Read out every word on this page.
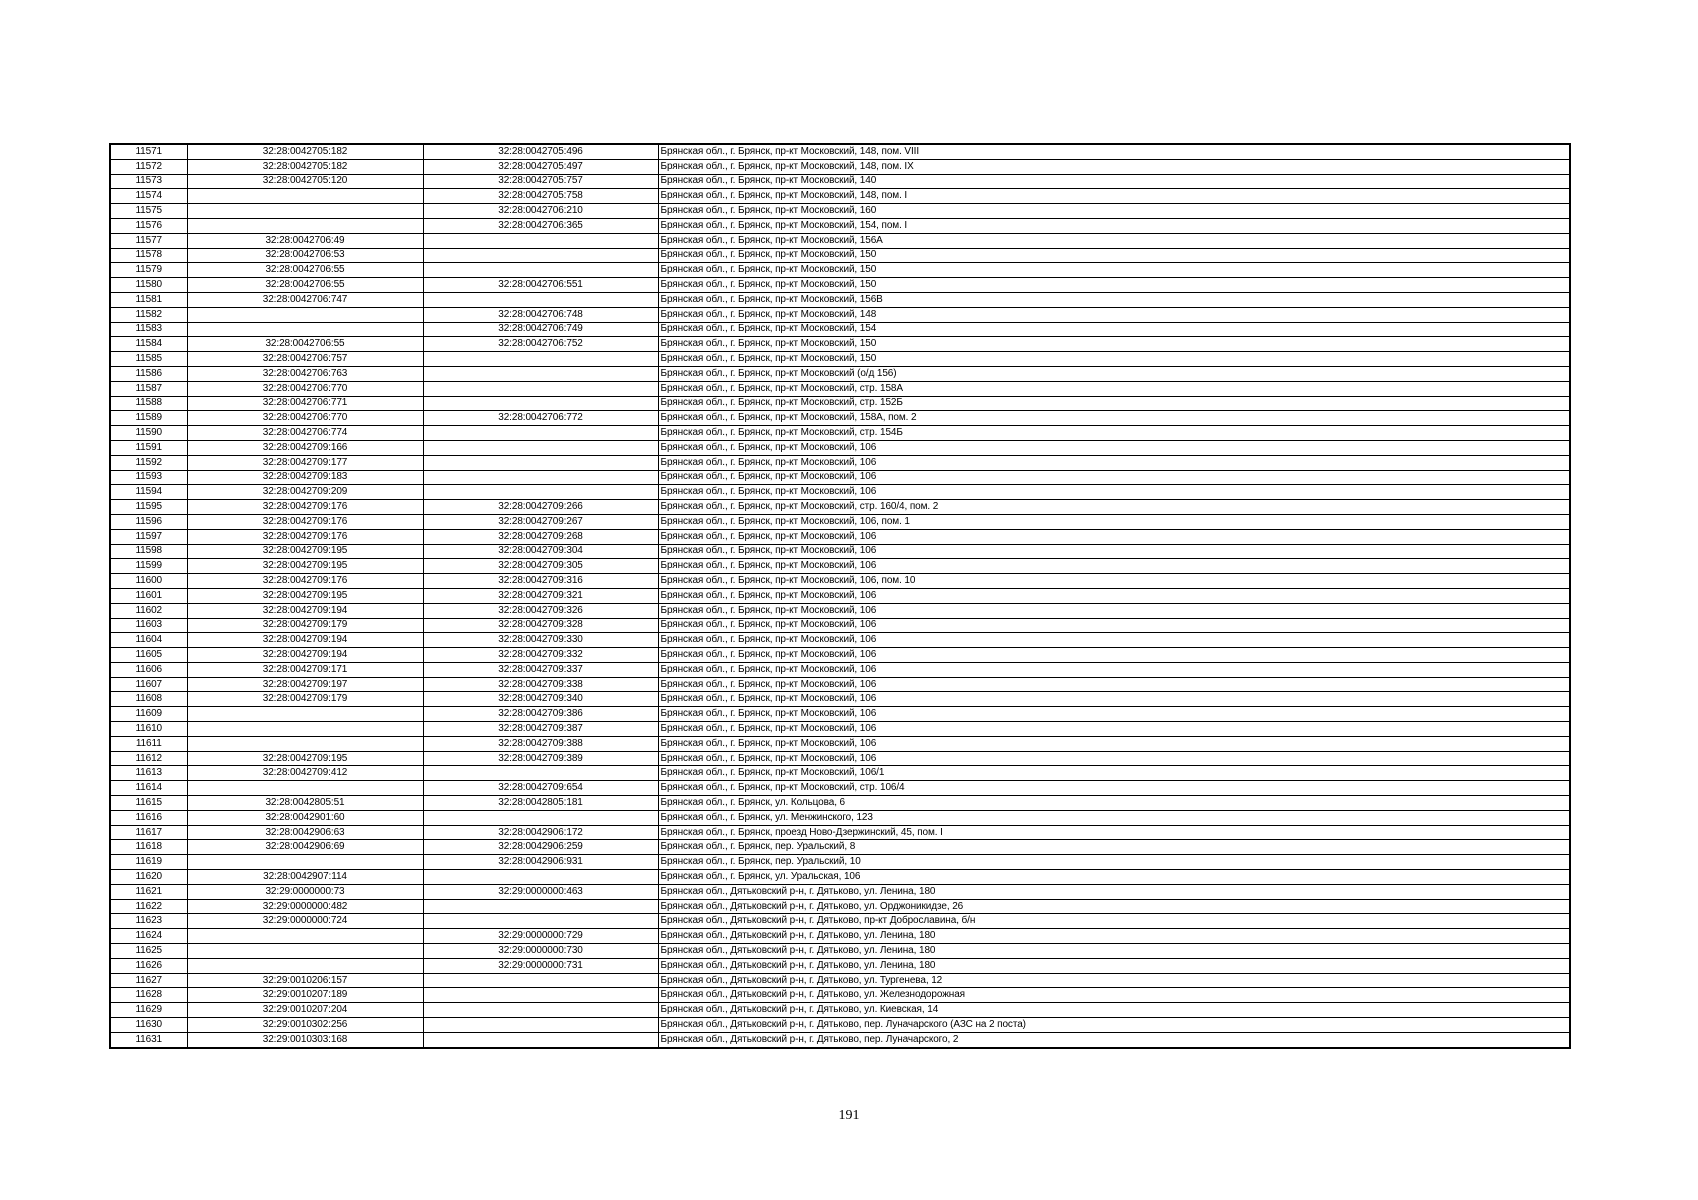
11571	32:28:0042705:182	32:28:0042705:496	Брянская обл., г. Брянск, пр-кт Московский, 148, пом. VIII
11572	32:28:0042705:182	32:28:0042705:497	Брянская обл., г. Брянск, пр-кт Московский, 148, пом. IX
11573	32:28:0042705:120	32:28:0042705:757	Брянская обл., г. Брянск, пр-кт Московский, 140
11574		32:28:0042705:758	Брянская обл., г. Брянск, пр-кт Московский, 148, пом. I
11575		32:28:0042706:210	Брянская обл., г. Брянск, пр-кт Московский, 160
11576		32:28:0042706:365	Брянская обл., г. Брянск, пр-кт Московский, 154, пом. I
11577	32:28:0042706:49		Брянская обл., г. Брянск, пр-кт Московский, 156А
11578	32:28:0042706:53		Брянская обл., г. Брянск, пр-кт Московский, 150
11579	32:28:0042706:55		Брянская обл., г. Брянск, пр-кт Московский, 150
11580	32:28:0042706:55	32:28:0042706:551	Брянская обл., г. Брянск, пр-кт Московский, 150
11581	32:28:0042706:747		Брянская обл., г. Брянск, пр-кт Московский, 156В
11582		32:28:0042706:748	Брянская обл., г. Брянск, пр-кт Московский, 148
11583		32:28:0042706:749	Брянская обл., г. Брянск, пр-кт Московский, 154
11584	32:28:0042706:55	32:28:0042706:752	Брянская обл., г. Брянск, пр-кт Московский, 150
11585	32:28:0042706:757		Брянская обл., г. Брянск, пр-кт Московский, 150
11586	32:28:0042706:763		Брянская обл., г. Брянск, пр-кт Московский (о/д 156)
11587	32:28:0042706:770		Брянская обл., г. Брянск, пр-кт Московский, стр. 158А
11588	32:28:0042706:771		Брянская обл., г. Брянск, пр-кт Московский, стр. 152Б
11589	32:28:0042706:770	32:28:0042706:772	Брянская обл., г. Брянск, пр-кт Московский, 158А, пом. 2
11590	32:28:0042706:774		Брянская обл., г. Брянск, пр-кт Московский, стр. 154Б
11591	32:28:0042709:166		Брянская обл., г. Брянск, пр-кт Московский, 106
11592	32:28:0042709:177		Брянская обл., г. Брянск, пр-кт Московский, 106
11593	32:28:0042709:183		Брянская обл., г. Брянск, пр-кт Московский, 106
11594	32:28:0042709:209		Брянская обл., г. Брянск, пр-кт Московский, 106
11595	32:28:0042709:176	32:28:0042709:266	Брянская обл., г. Брянск, пр-кт Московский, стр. 160/4, пом. 2
11596	32:28:0042709:176	32:28:0042709:267	Брянская обл., г. Брянск, пр-кт Московский, 106, пом. 1
11597	32:28:0042709:176	32:28:0042709:268	Брянская обл., г. Брянск, пр-кт Московский, 106
11598	32:28:0042709:195	32:28:0042709:304	Брянская обл., г. Брянск, пр-кт Московский, 106
11599	32:28:0042709:195	32:28:0042709:305	Брянская обл., г. Брянск, пр-кт Московский, 106
11600	32:28:0042709:176	32:28:0042709:316	Брянская обл., г. Брянск, пр-кт Московский, 106, пом. 10
11601	32:28:0042709:195	32:28:0042709:321	Брянская обл., г. Брянск, пр-кт Московский, 106
11602	32:28:0042709:194	32:28:0042709:326	Брянская обл., г. Брянск, пр-кт Московский, 106
11603	32:28:0042709:179	32:28:0042709:328	Брянская обл., г. Брянск, пр-кт Московский, 106
11604	32:28:0042709:194	32:28:0042709:330	Брянская обл., г. Брянск, пр-кт Московский, 106
11605	32:28:0042709:194	32:28:0042709:332	Брянская обл., г. Брянск, пр-кт Московский, 106
11606	32:28:0042709:171	32:28:0042709:337	Брянская обл., г. Брянск, пр-кт Московский, 106
11607	32:28:0042709:197	32:28:0042709:338	Брянская обл., г. Брянск, пр-кт Московский, 106
11608	32:28:0042709:179	32:28:0042709:340	Брянская обл., г. Брянск, пр-кт Московский, 106
11609		32:28:0042709:386	Брянская обл., г. Брянск, пр-кт Московский, 106
11610		32:28:0042709:387	Брянская обл., г. Брянск, пр-кт Московский, 106
11611		32:28:0042709:388	Брянская обл., г. Брянск, пр-кт Московский, 106
11612	32:28:0042709:195	32:28:0042709:389	Брянская обл., г. Брянск, пр-кт Московский, 106
11613	32:28:0042709:412		Брянская обл., г. Брянск, пр-кт Московский, 106/1
11614		32:28:0042709:654	Брянская обл., г. Брянск, пр-кт Московский, стр. 106/4
11615	32:28:0042805:51	32:28:0042805:181	Брянская обл., г. Брянск, ул. Кольцова, 6
11616	32:28:0042901:60		Брянская обл., г. Брянск, ул. Менжинского, 123
11617	32:28:0042906:63	32:28:0042906:172	Брянская обл., г. Брянск, проезд Ново-Дзержинский, 45, пом. I
11618	32:28:0042906:69	32:28:0042906:259	Брянская обл., г. Брянск, пер. Уральский, 8
11619		32:28:0042906:931	Брянская обл., г. Брянск, пер. Уральский, 10
11620	32:28:0042907:114		Брянская обл., г. Брянск, ул. Уральская, 106
11621	32:29:0000000:73	32:29:0000000:463	Брянская обл., Дятьковский р-н, г. Дятьково, ул. Ленина, 180
11622	32:29:0000000:482		Брянская обл., Дятьковский р-н, г. Дятьково, ул. Орджоникидзе, 26
11623	32:29:0000000:724		Брянская обл., Дятьковский р-н, г. Дятьково, пр-кт Доброславина, б/н
11624		32:29:0000000:729	Брянская обл., Дятьковский р-н, г. Дятьково, ул. Ленина, 180
11625		32:29:0000000:730	Брянская обл., Дятьковский р-н, г. Дятьково, ул. Ленина, 180
11626		32:29:0000000:731	Брянская обл., Дятьковский р-н, г. Дятьково, ул. Ленина, 180
11627	32:29:0010206:157		Брянская обл., Дятьковский р-н, г. Дятьково, ул. Тургенева, 12
11628	32:29:0010207:189		Брянская обл., Дятьковский р-н, г. Дятьково, ул. Железнодорожная
11629	32:29:0010207:204		Брянская обл., Дятьковский р-н, г. Дятьково, ул. Киевская, 14
11630	32:29:0010302:256		Брянская обл., Дятьковский р-н, г. Дятьково, пер. Луначарского (АЗС на 2 поста)
11631	32:29:0010303:168		Брянская обл., Дятьковский р-н, г. Дятьково, пер. Луначарского, 2
191
